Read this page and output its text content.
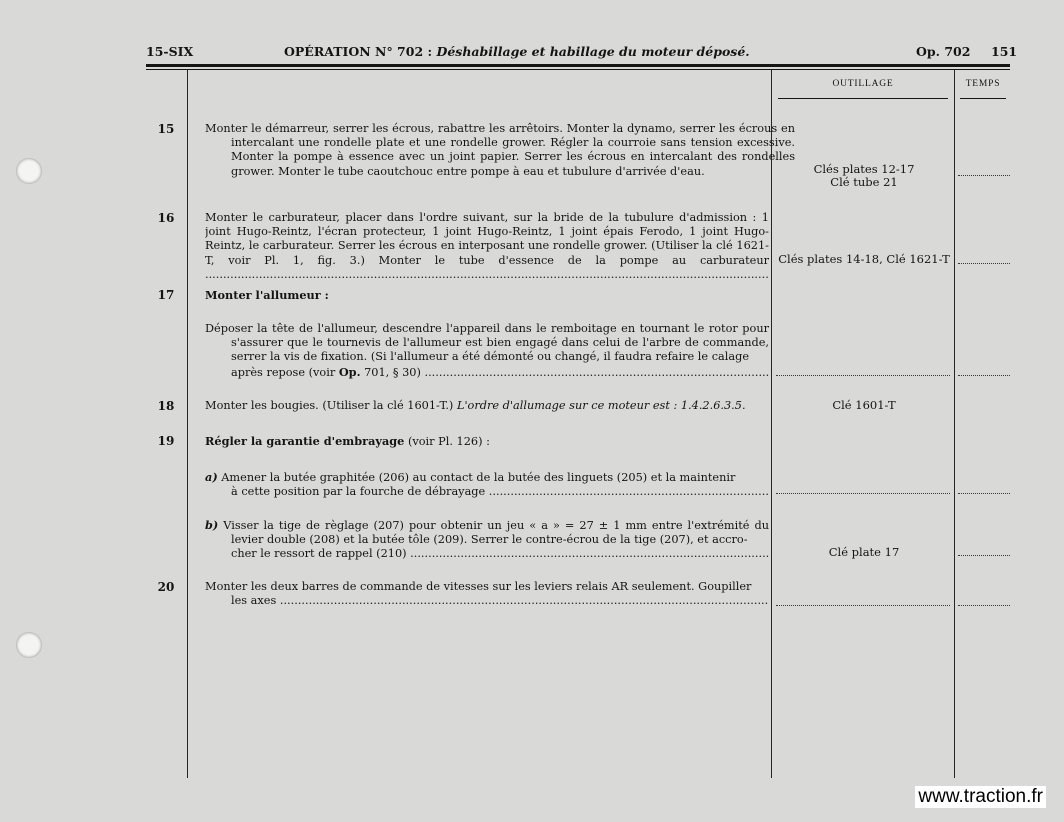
15-SIX	OPÉRATION N° 702 : Déshabillage et habillage du moteur déposé.	Op. 702 151
OUTILLAGE	TEMPS
15	Monter le démarreur, serrer les écrous, rabattre les arrêtoirs. Monter la dynamo, serrer les écrous en intercalant une rondelle plate et une rondelle grower. Régler la courroie sans tension excessive. Monter la pompe à essence avec un joint papier. Serrer les écrous en intercalant des rondelles grower. Monter le tube caoutchouc entre pompe à eau et tubulure d'arrivée d'eau.	Clés plates 12-17
Clé tube 21
16	Monter le carburateur, placer dans l'ordre suivant, sur la bride de la tubulure d'admission : 1 joint Hugo-Reintz, l'écran protecteur, 1 joint Hugo-Reintz, 1 joint épais Ferodo, 1 joint Hugo-Reintz, le carburateur. Serrer les écrous en interposant une rondelle grower. (Utiliser la clé 1621-T, voir Pl. 1, fig. 3.) Monter le tube d'essence de la pompe au carburateur ..... Clés plates 14-18, Clé 1621-T
17	Monter l'allumeur :
Déposer la tête de l'allumeur, descendre l'appareil dans le remboitage en tournant le rotor pour s'assurer que le tournevis de l'allumeur est bien engagé dans celui de l'arbre de commande, serrer la vis de fixation. (Si l'allumeur a été démonté ou changé, il faudra refaire le calage
après repose (voir Op. 701, § 30) .....
18	Monter les bougies. (Utiliser la clé 1601-T.) L'ordre d'allumage sur ce moteur est : 1.4.2.6.3.5.	Clé 1601-T
19	Régler la garantie d'embrayage (voir Pl. 126) :
a) Amener la butée graphitée (206) au contact de la butée des linguets (205) et la maintenir
à cette position par la fourche de débrayage .....
b) Visser la tige de règlage (207) pour obtenir un jeu « a » = 27 ± 1 mm entre l'extrémité du levier double (208) et la butée tôle (209). Serrer le contre-écrou de la tige (207), et accro-
cher le ressort de rappel (210) .....	Clé plate 17
20	Monter les deux barres de commande de vitesses sur les leviers relais AR seulement. Goupiller
les axes .....
www.traction.fr
